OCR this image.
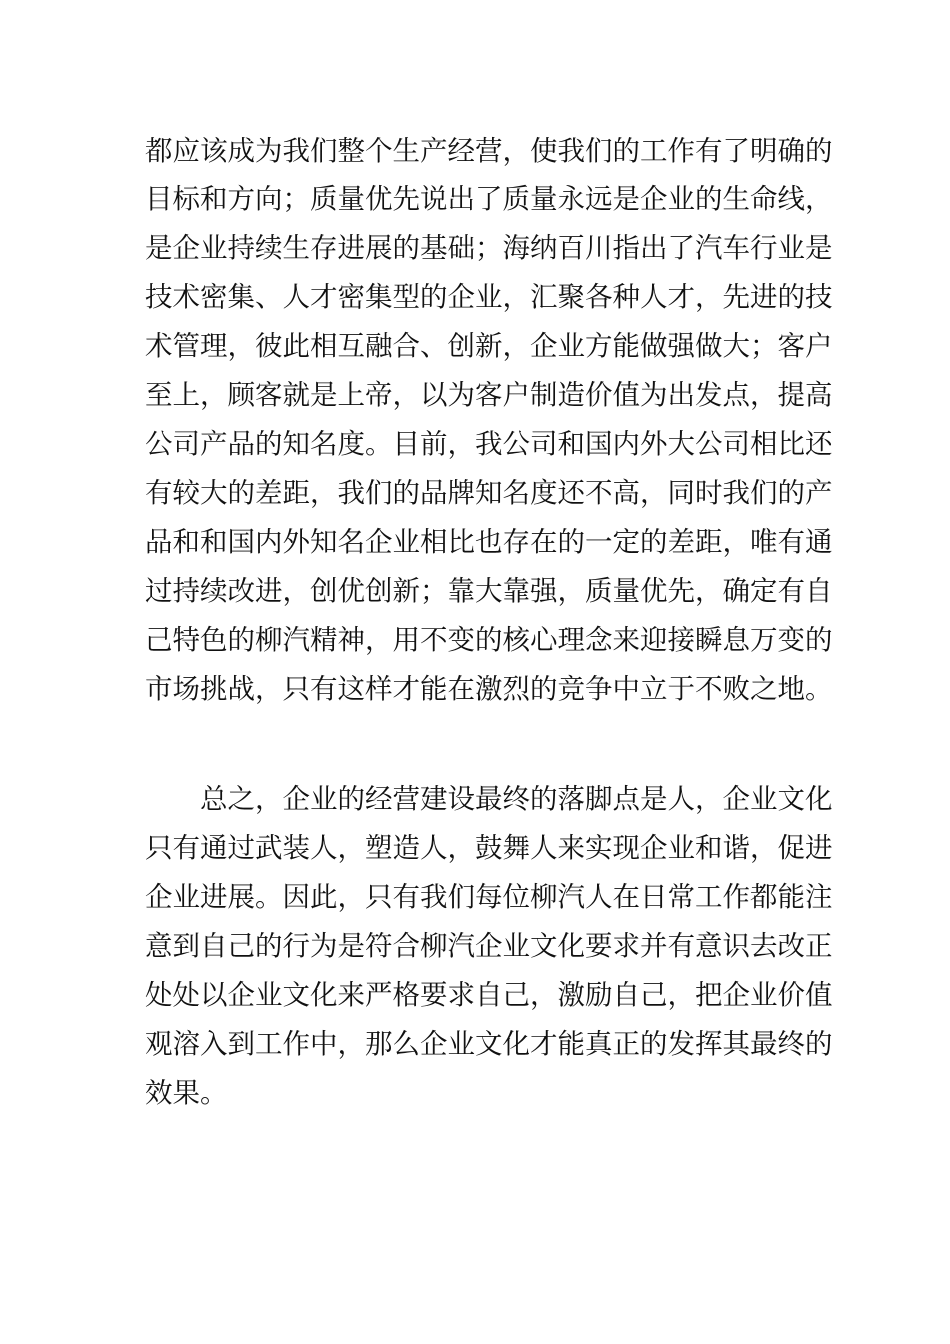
都应该成为我们整个生产经营，使我们的工作有了明确的
目标和方向；质量优先说出了质量永远是企业的生命线，
是企业持续生存进展的基础；海纳百川指出了汽车行业是
技术密集、人才密集型的企业，汇聚各种人才，先进的技
术管理，彼此相互融合、创新，企业方能做强做大；客户
至上，顾客就是上帝，以为客户制造价值为出发点，提高
公司产品的知名度。目前，我公司和国内外大公司相比还
有较大的差距，我们的品牌知名度还不高，同时我们的产
品和和国内外知名企业相比也存在的一定的差距，唯有通
过持续改进，创优创新；靠大靠强，质量优先，确定有自
己特色的柳汽精神，用不变的核心理念来迎接瞬息万变的
市场挑战，只有这样才能在激烈的竞争中立于不败之地。
总之，企业的经营建设最终的落脚点是人，企业文化
只有通过武装人，塑造人，鼓舞人来实现企业和谐，促进
企业进展。因此，只有我们每位柳汽人在日常工作都能注
意到自己的行为是符合柳汽企业文化要求并有意识去改正
处处以企业文化来严格要求自己，激励自己，把企业价值
观溶入到工作中，那么企业文化才能真正的发挥其最终的
效果。
